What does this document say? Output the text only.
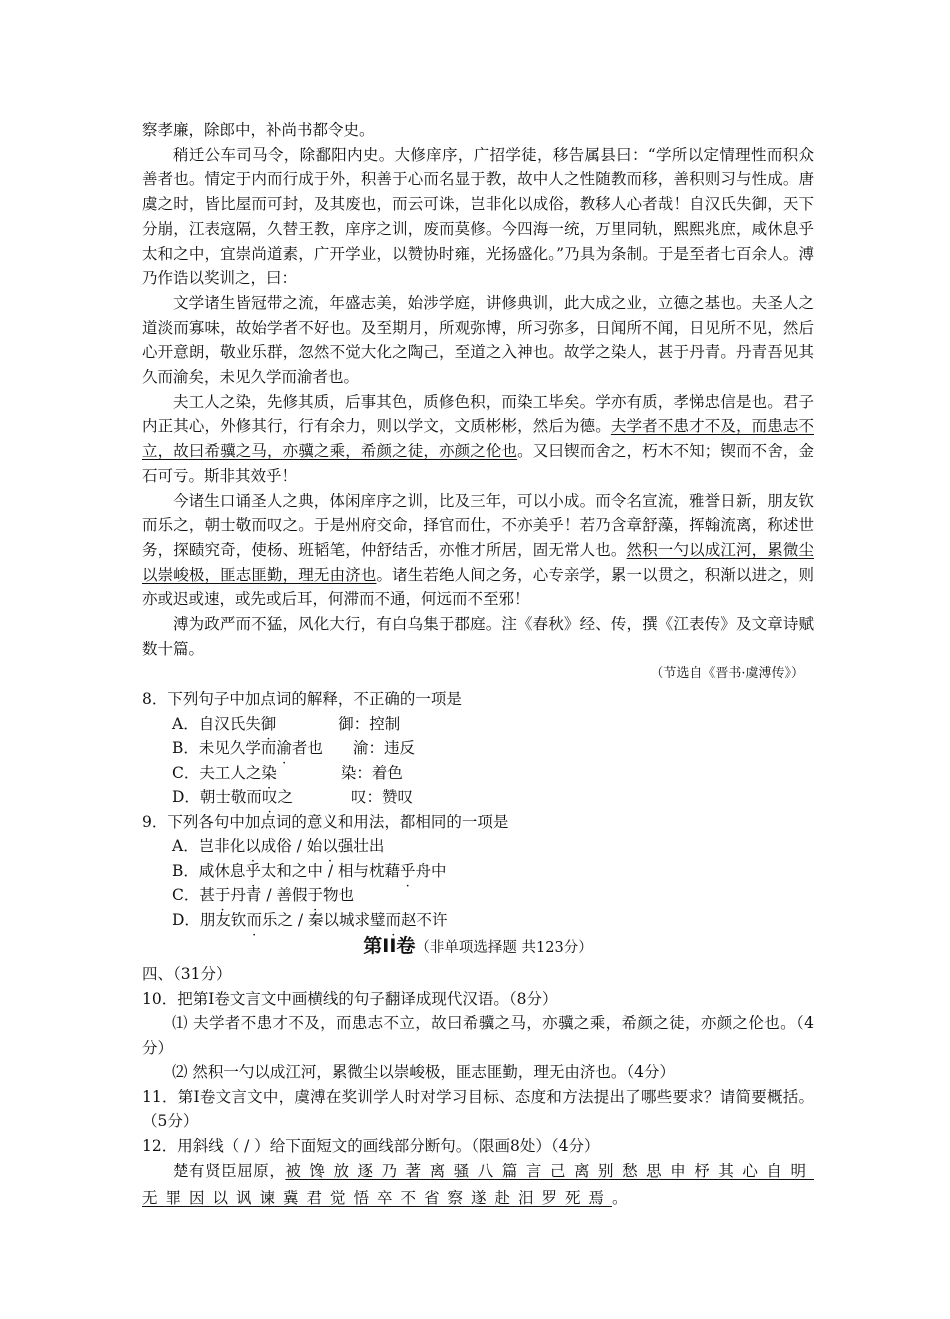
察孝廉，除郎中，补尚书都令史。

稍迁公车司马令，除鄱阳内史。大修庠序，广招学徒，移告属县曰：“学所以定情理性而积众善者也。情定于内而行成于外，积善于心而名显于教，故中人之性随教而移，善积则习与性成。唐虞之时，皆比屋而可封，及其废也，而云可诛，岂非化以成俗，教移人心者哉！自汉氏失御，天下分崩，江表寇隔，久替王教，庠序之训，废而莫修。今四海一统，万里同轨，熙熙兆庶，咸休息乎太和之中，宜崇尚道素，广开学业，以赞协时雍，光扬盛化。”乃具为条制。于是至者七百余人。溥乃作诰以奖训之，曰：

文学诸生皆冠带之流，年盛志美，始涉学庭，讲修典训，此大成之业，立德之基也。夫圣人之道淡而寡味，故始学者不好也。及至期月，所观弥博，所习弥多，日闻所不闻，日见所不见，然后心开意朗，敬业乐群，忽然不觉大化之陶己，至道之入神也。故学之染人，甚于丹青。丹青吾见其久而渝矣，未见久学而渝者也。

夫工人之染，先修其质，后事其色，质修色积，而染工毕矣。学亦有质，孝悌忠信是也。君子内正其心，外修其行，行有余力，则以学文，文质彬彬，然后为德。夫学者不患才不及，而患志不立，故曰希骥之马，亦骥之乘，希颜之徒，亦颜之伦也。又曰锲而舍之，朽木不知；锲而不舍，金石可亏。斯非其效乎！

今诸生口诵圣人之典，体闲庠序之训，比及三年，可以小成。而令名宣流，雅誉日新，朋友钦而乐之，朝士敬而叹之。于是州府交命，择官而仕，不亦美乎！若乃含章舒藻，挥翰流离，称述世务，探赜究奇，使杨、班韬笔，仲舒结舌，亦惟才所居，固无常人也。然积一勺以成江河，累微尘以崇峻极，匪志匪勤，理无由济也。诸生若绝人间之务，心专亲学，累一以贯之，积渐以进之，则亦或迟或速，或先或后耳，何滞而不通，何远而不至邪！

溥为政严而不猛，风化大行，有白乌集于郡庭。注《春秋》经、传，撰《江表传》及文章诗赋数十篇。

（节选自《晋书·虞溥传》）

8．下列句子中加点词的解释，不正确的一项是

A．自汉氏失御	御：控制

B．未见久学而渝者也 渝：违反

C．夫工人之染	染：着色

D．朝士敬而叹之	叹：赞叹

9．下列各句中加点词的意义和用法，都相同的一项是

A．岂非化以成俗 / 始以强壮出

B．咸休息乎太和之中 / 相与枕藉乎舟中

C．甚于丹青 / 善假于物也

D．朋友钦而乐之 / 秦以城求璧而赵不许

第II卷（非单项选择题 共123分）

四、（31分）

10．把第Ⅰ卷文言文中画横线的句子翻译成现代汉语。（8分）

⑴ 夫学者不患才不及，而患志不立，故曰希骥之马，亦骥之乘，希颜之徒，亦颜之伦也。（4分）

⑵ 然积一勺以成江河，累微尘以崇峻极，匪志匪勤，理无由济也。（4分）

11．第Ⅰ卷文言文中，虞溥在奖训学人时对学习目标、态度和方法提出了哪些要求？请简要概括。（5分）

12．用斜线（ / ）给下面短文的画线部分断句。（限画8处）（4分）

楚有贤臣屈原，被馋放逐乃著离骚八篇言己离别愁思申杼其心自明无罪因以讽谏冀君觉悟卒不省察遂赴汨罗死焉。
